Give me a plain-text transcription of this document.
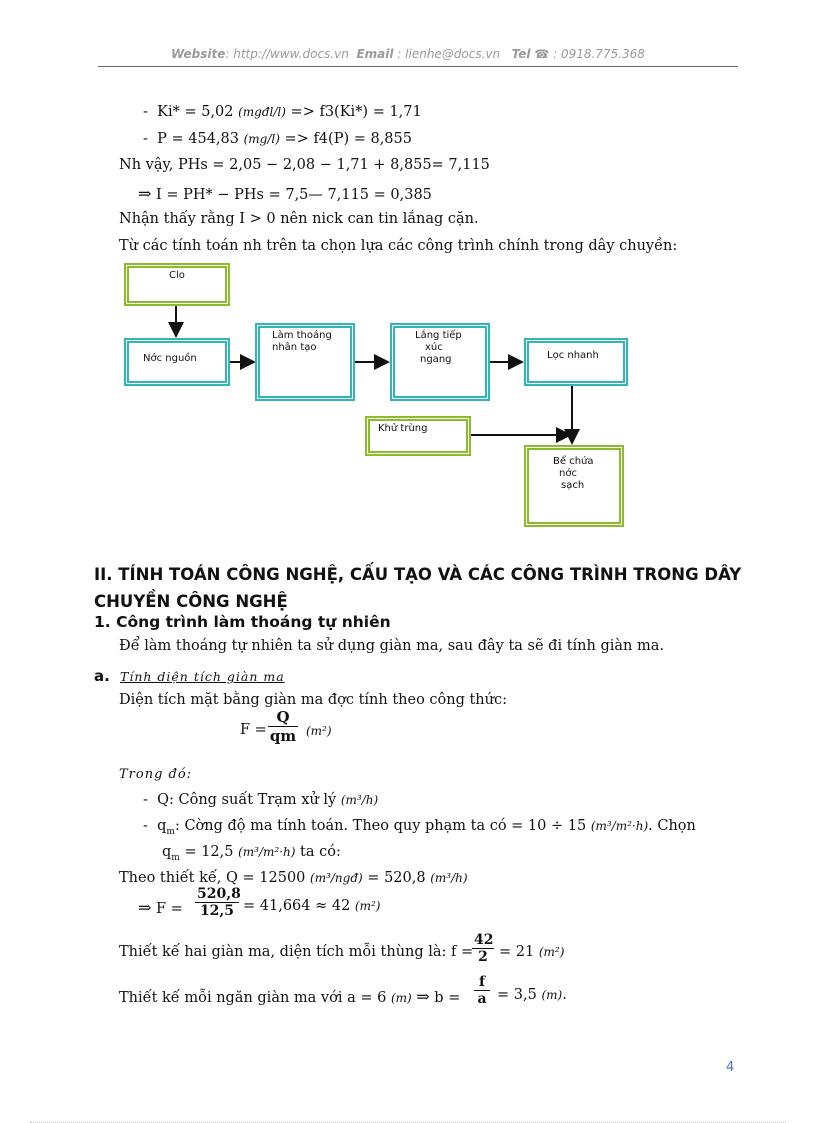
Website: http://www.docs.vn Email : lienhe@docs.vn Tel ☎ : 0918.775.368
-  Ki* = 5,02 (mgđl/l) => f3(Ki*) = 1,71
-  P = 454,83 (mg/l) => f4(P) = 8,855
Nh vậy, PHs = 2,05 − 2,08 − 1,71 + 8,855= 7,115
⇒ I = PH* − PHs = 7,5— 7,115 = 0,385
Nhận thấy rằng I > 0 nên nick can tin lắnag cặn.
Từ các tính toán nh trên ta chọn lựa các công trình chính trong dây chuyền:
Clo
Nớc nguồn
Làm thoáng
nhân tạo
Lắng tiếp
xúc
ngang	Lọc nhanh
Khử trùng
Bể chứa
nớc
sạch
II. TÍNH TOÁN CÔNG NGHỆ, CẤU TẠO VÀ CÁC CÔNG TRÌNH TRONG DÂY
CHUYỀN CÔNG NGHỆ
1. Công trình làm thoáng tự nhiên
Để làm thoáng tự nhiên ta sử dụng giàn ma, sau đây ta sẽ đi tính giàn ma.
a. Tính diện tích giàn ma
Diện tích mặt bằng giàn ma đợc tính theo công thức:
$F = \frac{Q}{qm} (m^2)$
Trong đó:
-  Q: Công suất Trạm xử lý (m³/h)
-  $q_m$: Cờng độ ma tính toán. Theo quy phạm ta có = 10 ÷ 15 (m³/m²·h). Chọn
$q_m = 12,5$ (m³/m²·h) ta có:
Theo thiết kế, Q = 12500 (m³/ngđ) = 520,8 (m³/h)
⇒ $F = \frac{520,8}{12,5} = 41,664 \approx 42$ (m²)
Thiết kế hai giàn ma, diện tích mỗi thùng là: f =
$\frac{42}{2} = 21$ (m²)
Thiết kế mỗi ngăn giàn ma với a = 6 (m) ⇒ $b = \frac{f}{a} = 3,5$ (m).
4
